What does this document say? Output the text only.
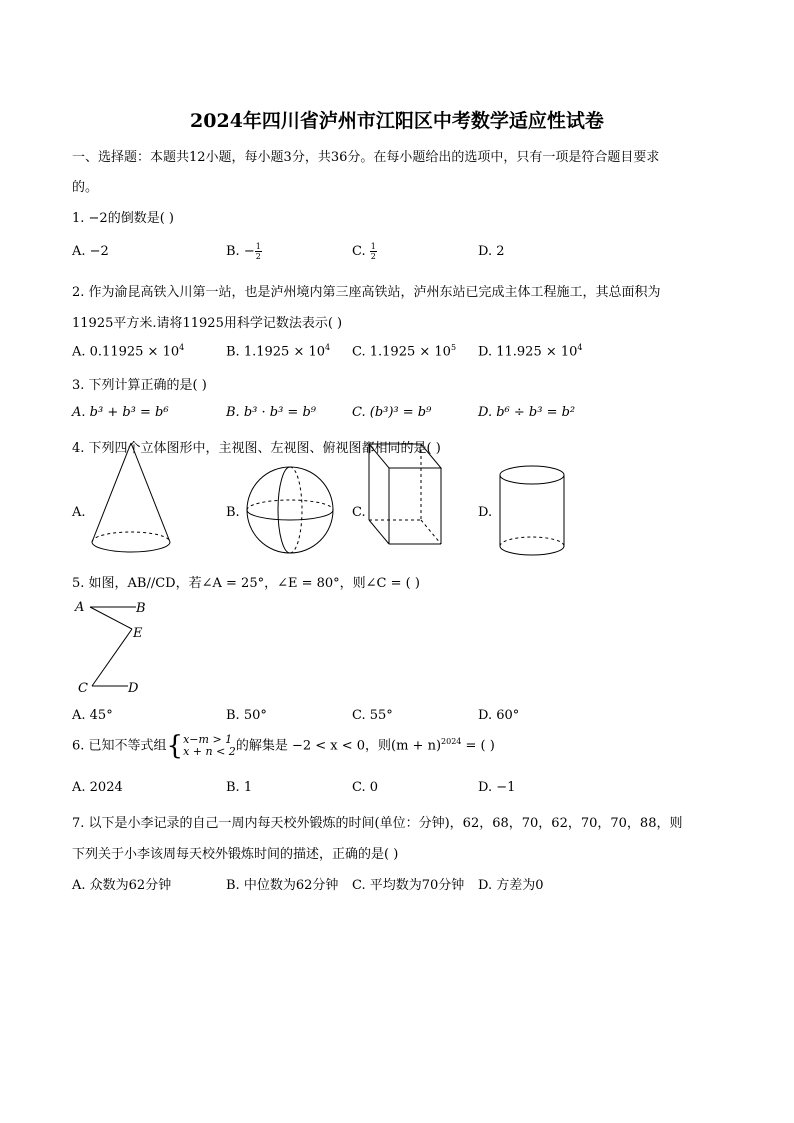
2024年四川省泸州市江阳区中考数学适应性试卷
一、选择题：本题共12小题，每小题3分，共36分。在每小题给出的选项中，只有一项是符合题目要求
的。
1. −2的倒数是( )
A. −2	B. − $\frac{1}{2}$	C. $\frac{1}{2}$	D. 2
2. 作为渝昆高铁入川第一站，也是泸州境内第三座高铁站，泸州东站已完成主体工程施工，其总面积为
11925平方米.请将11925用科学记数法表示( )
A. $0.11925 \times 10^4$	B. $1.1925 \times 10^4$ C. $1.1925 \times 10^5$ D. $11.925 \times 10^4$
3. 下列计算正确的是( )
A. b³ + b³ = b⁶	B. b³ · b³ = b⁹	C. (b³)³ = b⁹	D. b⁶ ÷ b³ = b²
4. 下列四个立体图形中，主视图、左视图、俯视图都相同的是( )
A.	B.	C.	D.
5. 如图，AB//CD，若∠A = 25°，∠E = 80°，则∠C = ( )
A	B
E
C	D
A. 45°	B. 50°	C. 55°	D. 60°
6. 已知不等式组{ x−m > 1
x + n < 2 的解集是 −2 < x < 0，则$(m + n)^{2024}$ = ( )
A. 2024	B. 1	C. 0	D. −1
7. 以下是小李记录的自己一周内每天校外锻炼的时间(单位：分钟)，62，68，70，62，70，70，88，则
下列关于小李该周每天校外锻炼时间的描述，正确的是( )
A. 众数为62分钟	B. 中位数为62分钟 C. 平均数为70分钟 D. 方差为0
